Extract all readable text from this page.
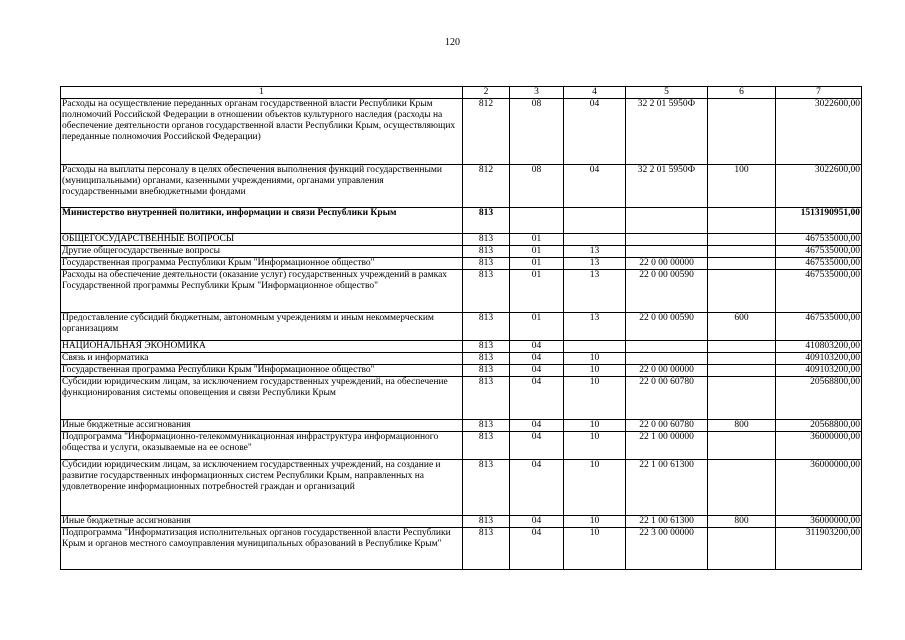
120
1	2	3	4	5	6	7
Расходы на осуществление переданных органам государственной власти Республики Крым полномочий Российской Федерации в отношении объектов культурного наследия (расходы на обеспечение деятельности органов государственной власти Республики Крым, осуществляющих переданные полномочия Российской Федерации)	812	08	04	32 2 01 5950Ф		3022600,00
Расходы на выплаты персоналу в целях обеспечения выполнения функций государственными (муниципальными) органами, казенными учреждениями, органами управления государственными внебюджетными фондами	812	08	04	32 2 01 5950Ф	100	3022600,00
Министерство внутренней политики, информации и связи Республики Крым	813					1513190951,00
ОБЩЕГОСУДАРСТВЕННЫЕ ВОПРОСЫ	813	01				467535000,00
Другие общегосударственные вопросы	813	01	13			467535000,00
Государственная программа Республики Крым "Информационное общество"	813	01	13	22 0 00 00000		467535000,00
Расходы на обеспечение деятельности (оказание услуг) государственных учреждений в рамках Государственной программы Республики Крым "Информационное общество"	813	01	13	22 0 00 00590		467535000,00
Предоставление субсидий бюджетным, автономным учреждениям и иным некоммерческим организациям	813	01	13	22 0 00 00590	600	467535000,00
НАЦИОНАЛЬНАЯ ЭКОНОМИКА	813	04				410803200,00
Связь и информатика	813	04	10			409103200,00
Государственная программа Республики Крым "Информационное общество"	813	04	10	22 0 00 00000		409103200,00
Субсидии юридическим лицам, за исключением государственных учреждений, на обеспечение функционирования системы оповещения и связи Республики Крым	813	04	10	22 0 00 60780		20568800,00
Иные бюджетные ассигнования	813	04	10	22 0 00 60780	800	20568800,00
Подпрограмма "Информационно-телекоммуникационная инфраструктура информационного общества и услуги, оказываемые на ее основе"	813	04	10	22 1 00 00000		36000000,00
Субсидии юридическим лицам, за исключением государственных учреждений, на создание и развитие государственных информационных систем Республики Крым, направленных на удовлетворение информационных потребностей граждан и организаций	813	04	10	22 1 00 61300		36000000,00
Иные бюджетные ассигнования	813	04	10	22 1 00 61300	800	36000000,00
Подпрограмма "Информатизация исполнительных органов государственной власти Республики Крым и органов местного самоуправления муниципальных образований в Республике Крым"	813	04	10	22 3 00 00000		311903200,00
